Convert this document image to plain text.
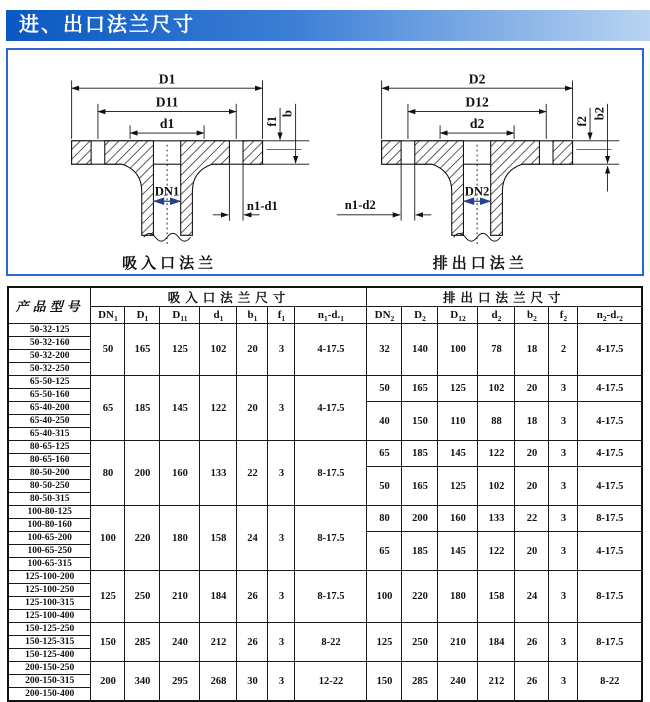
进、出口法兰尺寸
D1
D11
d1
DN1
n1-d1
f1
b
吸入口法兰
D2
D12
d2
DN2
n1-d2
f2
b2
排出口法兰
产品型号	吸入口法兰尺寸							排出口法兰尺寸						
	$DN_1$	$D_1$	$D_{11}$	$d_1$	$b_1$	$f_1$	$n_1-d._1$	$DN_2$	$D_2$	$D_{12}$	$d_2$	$b_2$	$f_2$	$n_2-d._2$
50-32-125	50	165	125	102	20	3	4-17.5	32	140	100	78	18	2	4-17.5
50-32-160														
50-32-200														
50-32-250														
65-50-125	65	185	145	122	20	3	4-17.5	50	165	125	102	20	3	4-17.5
65-50-160														
65-40-200								40	150	110	88	18	3	4-17.5
65-40-250														
65-40-315														
80-65-125	80	200	160	133	22	3	8-17.5	65	185	145	122	20	3	4-17.5
80-65-160														
80-50-200								50	165	125	102	20	3	4-17.5
80-50-250														
80-50-315														
100-80-125	100	220	180	158	24	3	8-17.5	80	200	160	133	22	3	8-17.5
100-80-160														
100-65-200								65	185	145	122	20	3	4-17.5
100-65-250														
100-65-315														
125-100-200	125	250	210	184	26	3	8-17.5	100	220	180	158	24	3	8-17.5
125-100-250														
125-100-315														
125-100-400														
150-125-250	150	285	240	212	26	3	8-22	125	250	210	184	26	3	8-17.5
150-125-315														
150-125-400														
200-150-250	200	340	295	268	30	3	12-22	150	285	240	212	26	3	8-22
200-150-315														
200-150-400														
